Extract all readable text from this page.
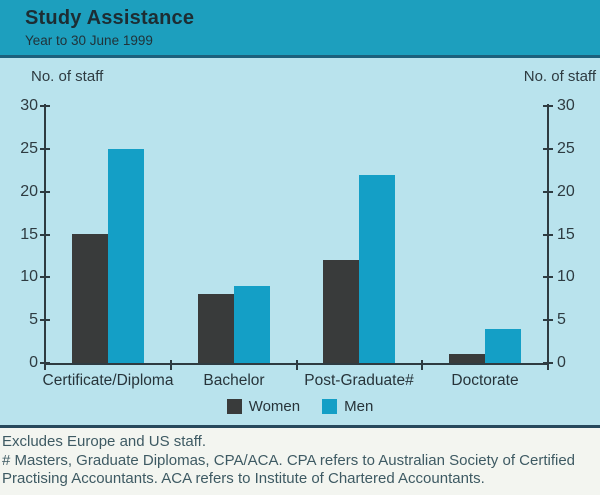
Study Assistance
Year to 30 June 1999
No. of staff	No. of staff
0	0
5	5
10	10
15	15
20	20
25	25
30	30
Certificate/Diploma	Bachelor	Post-Graduate#	Doctorate
Women	Men

Excludes Europe and US staff.

# Masters, Graduate Diplomas, CPA/ACA. CPA refers to Australian Society of Certified Practising Accountants. ACA refers to Institute of Chartered Accountants.
